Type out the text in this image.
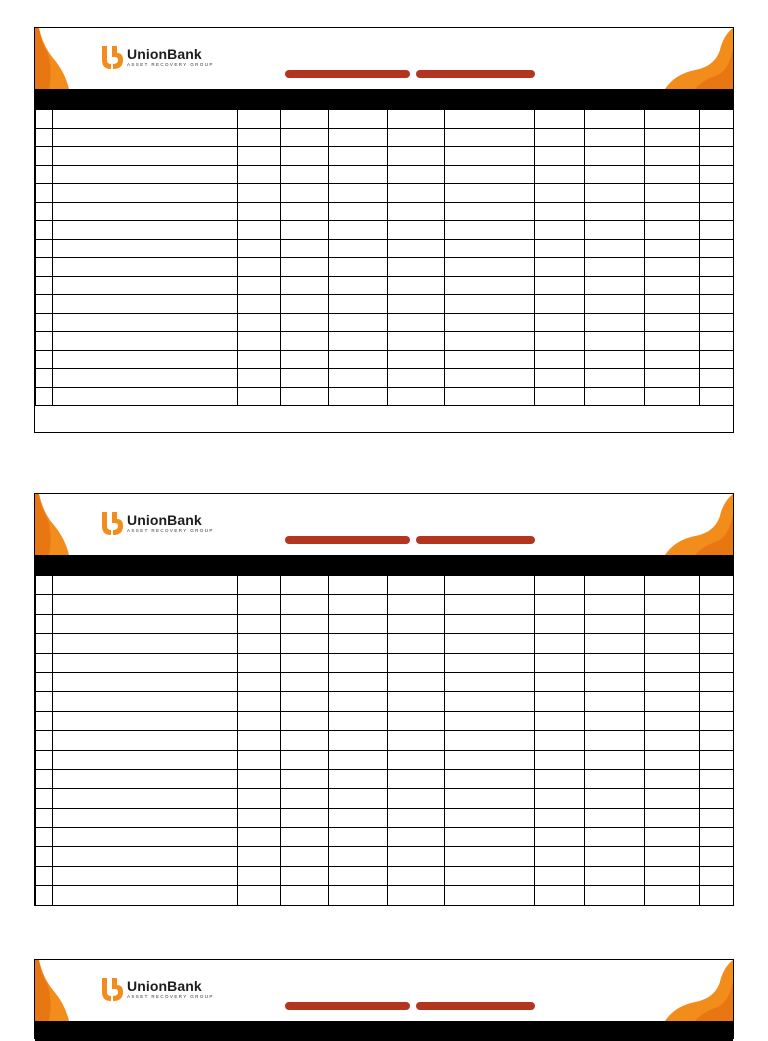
UnionBank
ASSET RECOVERY GROUP

UnionBank
ASSET RECOVERY GROUP

UnionBank
ASSET RECOVERY GROUP
